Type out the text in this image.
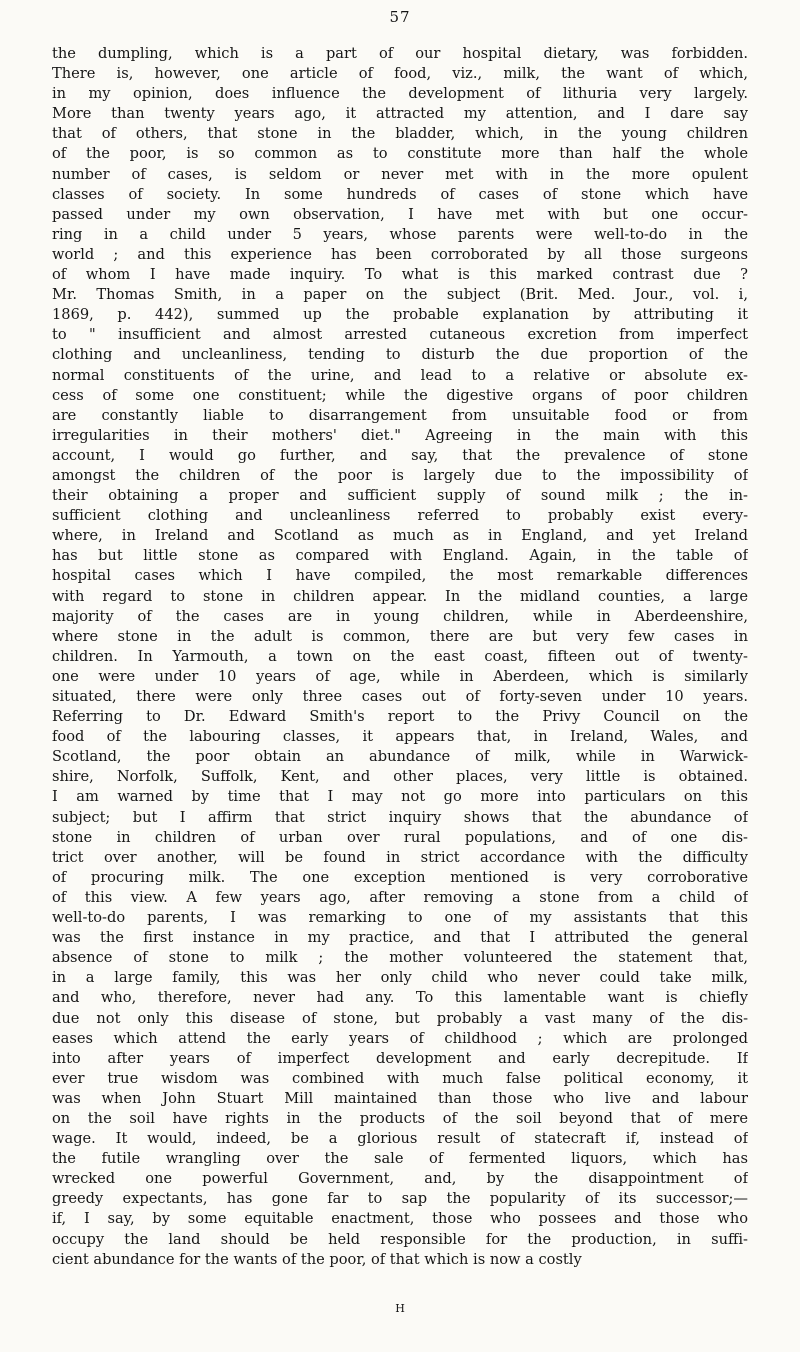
57
the dumpling, which is a part of our hospital dietary, was forbidden.
There is, however, one article of food, viz., milk, the want of which,
in my opinion, does influence the development of lithuria very largely.
More than twenty years ago, it attracted my attention, and I dare say
that of others, that stone in the bladder, which, in the young children
of the poor, is so common as to constitute more than half the whole
number of cases, is seldom or never met with in the more opulent
classes of society. In some hundreds of cases of stone which have
passed under my own observation, I have met with but one occur-
ring in a child under 5 years, whose parents were well-to-do in the
world ; and this experience has been corroborated by all those surgeons
of whom I have made inquiry. To what is this marked contrast due ?
Mr. Thomas Smith, in a paper on the subject (Brit. Med. Jour., vol. i,
1869, p. 442), summed up the probable explanation by attributing it
to " insufficient and almost arrested cutaneous excretion from imperfect
clothing and uncleanliness, tending to disturb the due proportion of the
normal constituents of the urine, and lead to a relative or absolute ex-
cess of some one constituent; while the digestive organs of poor children
are constantly liable to disarrangement from unsuitable food or from
irregularities in their mothers' diet." Agreeing in the main with this
account, I would go further, and say, that the prevalence of stone
amongst the children of the poor is largely due to the impossibility of
their obtaining a proper and sufficient supply of sound milk ; the in-
sufficient clothing and uncleanliness referred to probably exist every-
where, in Ireland and Scotland as much as in England, and yet Ireland
has but little stone as compared with England. Again, in the table of
hospital cases which I have compiled, the most remarkable differences
with regard to stone in children appear. In the midland counties, a large
majority of the cases are in young children, while in Aberdeenshire,
where stone in the adult is common, there are but very few cases in
children. In Yarmouth, a town on the east coast, fifteen out of twenty-
one were under 10 years of age, while in Aberdeen, which is similarly
situated, there were only three cases out of forty-seven under 10 years.
Referring to Dr. Edward Smith's report to the Privy Council on the
food of the labouring classes, it appears that, in Ireland, Wales, and
Scotland, the poor obtain an abundance of milk, while in Warwick-
shire, Norfolk, Suffolk, Kent, and other places, very little is obtained.
I am warned by time that I may not go more into particulars on this
subject; but I affirm that strict inquiry shows that the abundance of
stone in children of urban over rural populations, and of one dis-
trict over another, will be found in strict accordance with the difficulty
of procuring milk. The one exception mentioned is very corroborative
of this view. A few years ago, after removing a stone from a child of
well-to-do parents, I was remarking to one of my assistants that this
was the first instance in my practice, and that I attributed the general
absence of stone to milk ; the mother volunteered the statement that,
in a large family, this was her only child who never could take milk,
and who, therefore, never had any. To this lamentable want is chiefly
due not only this disease of stone, but probably a vast many of the dis-
eases which attend the early years of childhood ; which are prolonged
into after years of imperfect development and early decrepitude. If
ever true wisdom was combined with much false political economy, it
was when John Stuart Mill maintained than those who live and labour
on the soil have rights in the products of the soil beyond that of mere
wage. It would, indeed, be a glorious result of statecraft if, instead of
the futile wrangling over the sale of fermented liquors, which has
wrecked one powerful Government, and, by the disappointment of
greedy expectants, has gone far to sap the popularity of its successor;—
if, I say, by some equitable enactment, those who possees and those who
occupy the land should be held responsible for the production, in suffi-
cient abundance for the wants of the poor, of that which is now a costly
H
